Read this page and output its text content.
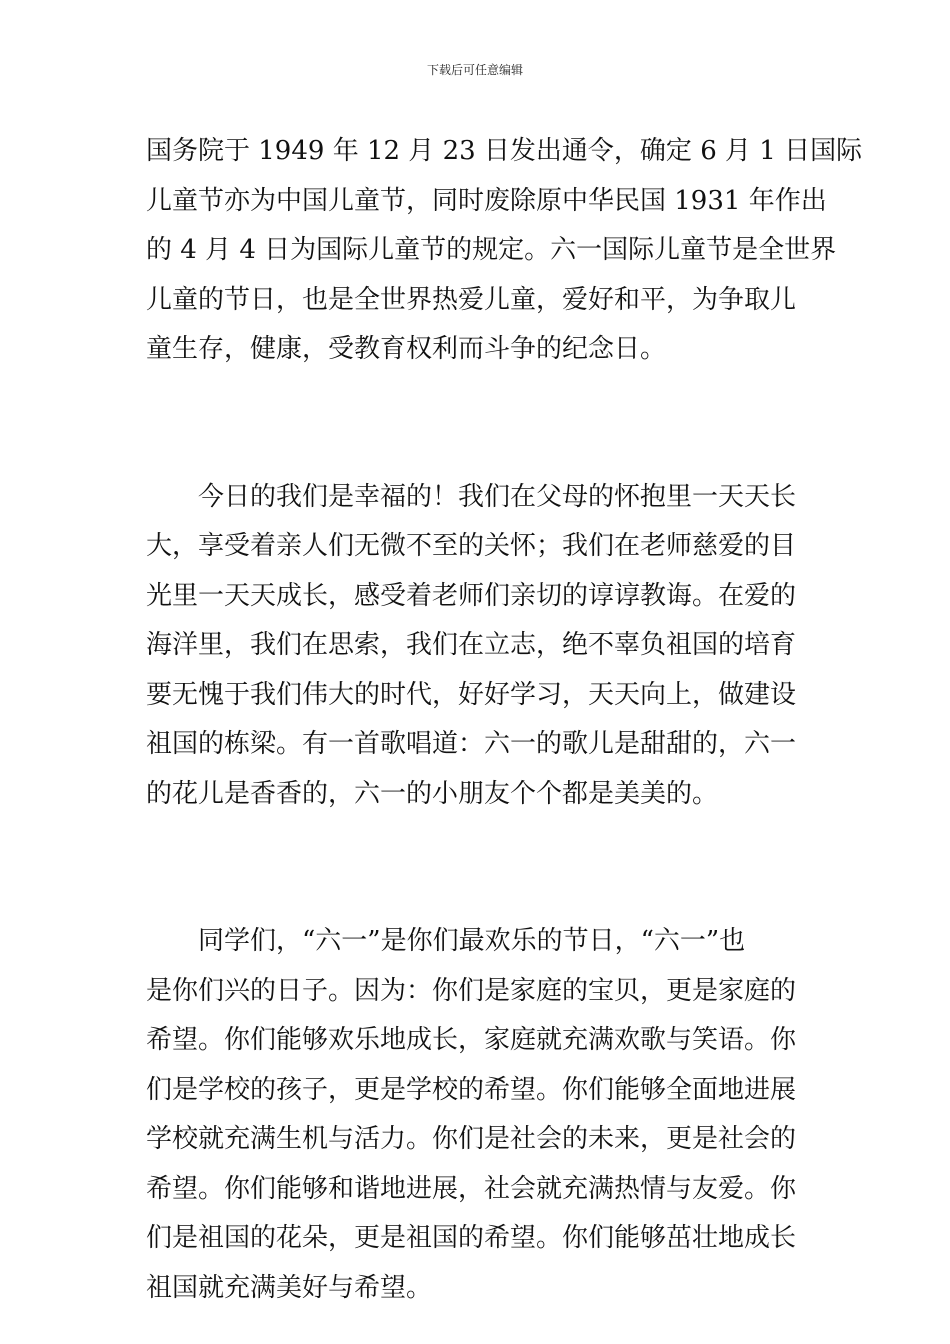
下载后可任意编辑
国务院于 1949 年 12 月 23 日发出通令，确定 6 月 1 日国际
儿童节亦为中国儿童节，同时废除原中华民国 1931 年作出
的 4 月 4 日为国际儿童节的规定。六一国际儿童节是全世界
儿童的节日，也是全世界热爱儿童，爱好和平，为争取儿
童生存，健康，受教育权利而斗争的纪念日。
今日的我们是幸福的！我们在父母的怀抱里一天天长
大，享受着亲人们无微不至的关怀；我们在老师慈爱的目
光里一天天成长，感受着老师们亲切的谆谆教诲。在爱的
海洋里，我们在思索，我们在立志，绝不辜负祖国的培育
要无愧于我们伟大的时代，好好学习，天天向上，做建设
祖国的栋梁。有一首歌唱道：六一的歌儿是甜甜的，六一
的花儿是香香的，六一的小朋友个个都是美美的。
同学们，“六一”是你们最欢乐的节日，“六一”也
是你们兴的日子。因为：你们是家庭的宝贝，更是家庭的
希望。你们能够欢乐地成长，家庭就充满欢歌与笑语。你
们是学校的孩子，更是学校的希望。你们能够全面地进展
学校就充满生机与活力。你们是社会的未来，更是社会的
希望。你们能够和谐地进展，社会就充满热情与友爱。你
们是祖国的花朵，更是祖国的希望。你们能够茁壮地成长
祖国就充满美好与希望。
